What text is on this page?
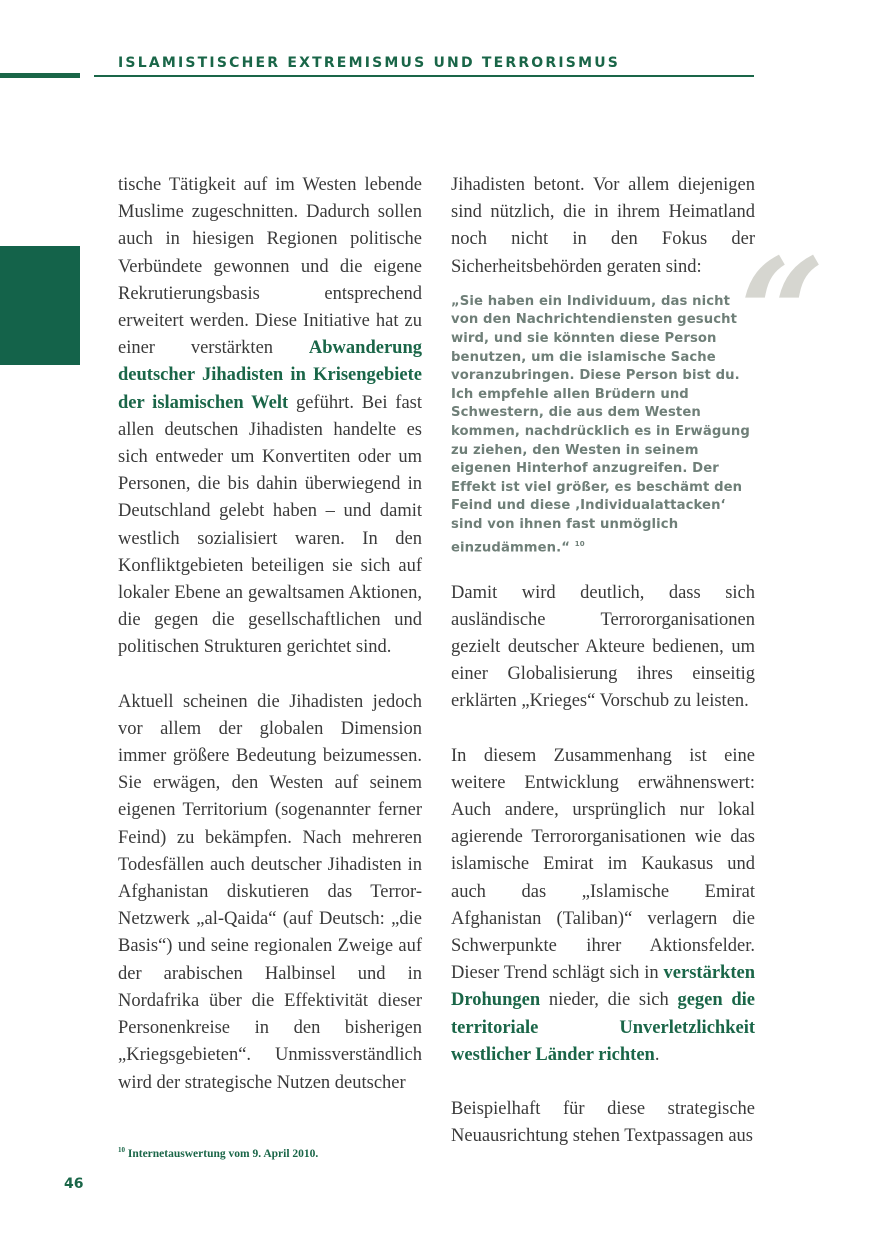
ISLAMISTISCHER EXTREMISMUS UND TERRORISMUS

tische Tätigkeit auf im Westen lebende Muslime zugeschnitten. Dadurch sollen auch in hiesigen Regionen politische Verbündete gewonnen und die eigene Rekrutierungsbasis entsprechend erweitert werden. Diese Initiative hat zu einer verstärkten Abwanderung deutscher Jihadisten in Krisengebiete der islamischen Welt geführt. Bei fast allen deutschen Jihadisten handelte es sich entweder um Konvertiten oder um Personen, die bis dahin überwiegend in Deutschland gelebt haben – und damit westlich sozialisiert waren. In den Konfliktgebieten beteiligen sie sich auf lokaler Ebene an gewaltsamen Aktionen, die gegen die gesellschaftlichen und politischen Strukturen gerichtet sind.

Aktuell scheinen die Jihadisten jedoch vor allem der globalen Dimension immer größere Bedeutung beizumessen. Sie erwägen, den Westen auf seinem eigenen Territorium (sogenannter ferner Feind) zu bekämpfen. Nach mehreren Todesfällen auch deutscher Jihadisten in Afghanistan diskutieren das Terror-Netzwerk „al-Qaida“ (auf Deutsch: „die Basis“) und seine regionalen Zweige auf der arabischen Halbinsel und in Nordafrika über die Effektivität dieser Personenkreise in den bisherigen „Kriegsgebieten“. Unmissverständlich wird der strategische Nutzen deutscher

Jihadisten betont. Vor allem diejenigen sind nützlich, die in ihrem Heimatland noch nicht in den Fokus der Sicherheitsbehörden geraten sind: “
„Sie haben ein Individuum, das nicht von den Nachrichtendiensten gesucht wird, und sie könnten diese Person benutzen, um die islamische Sache voranzubringen. Diese Person bist du. Ich empfehle allen Brüdern und Schwestern, die aus dem Westen kommen, nachdrücklich es in Erwägung zu ziehen, den Westen in seinem eigenen Hinterhof anzugreifen. Der Effekt ist viel größer, es beschämt den Feind und diese ‚Individualattacken‘ sind von ihnen fast unmöglich einzudämmen.“ $^{10}$

Damit wird deutlich, dass sich ausländische Terrororganisationen gezielt deutscher Akteure bedienen, um einer Globalisierung ihres einseitig erklärten „Krieges“ Vorschub zu leisten.

In diesem Zusammenhang ist eine weitere Entwicklung erwähnenswert: Auch andere, ursprünglich nur lokal agierende Terrororganisationen wie das islamische Emirat im Kaukasus und auch das „Islamische Emirat Afghanistan (Taliban)“ verlagern die Schwerpunkte ihrer Aktionsfelder. Dieser Trend schlägt sich in verstärkten Drohungen nieder, die sich gegen die territoriale Unverletzlichkeit westlicher Länder richten.

Beispielhaft für diese strategische Neuausrichtung stehen Textpassagen aus

$^{10}$ Internetauswertung vom 9. April 2010.
46
